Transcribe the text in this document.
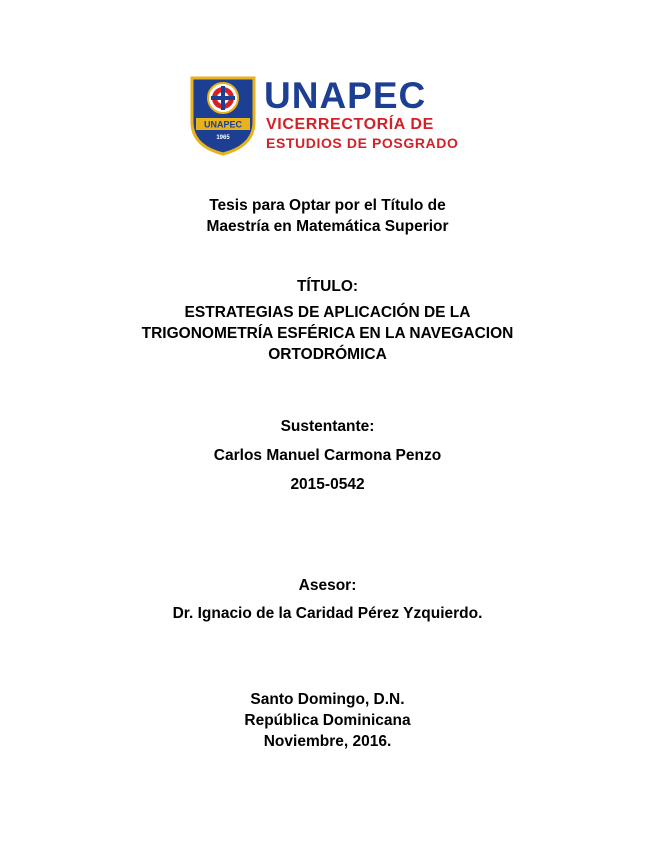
UNAPEC
1965
UNAPEC
VICERRECTORÍA DE
ESTUDIOS DE POSGRADO
Tesis para Optar por el Título de
Maestría en Matemática Superior
TÍTULO:
ESTRATEGIAS DE APLICACIÓN DE LA
TRIGONOMETRÍA ESFÉRICA EN LA NAVEGACION
ORTODRÓMICA
Sustentante:
Carlos Manuel Carmona Penzo
2015-0542
Asesor:
Dr. Ignacio de la Caridad Pérez Yzquierdo.
Santo Domingo, D.N.
República Dominicana
Noviembre, 2016.
